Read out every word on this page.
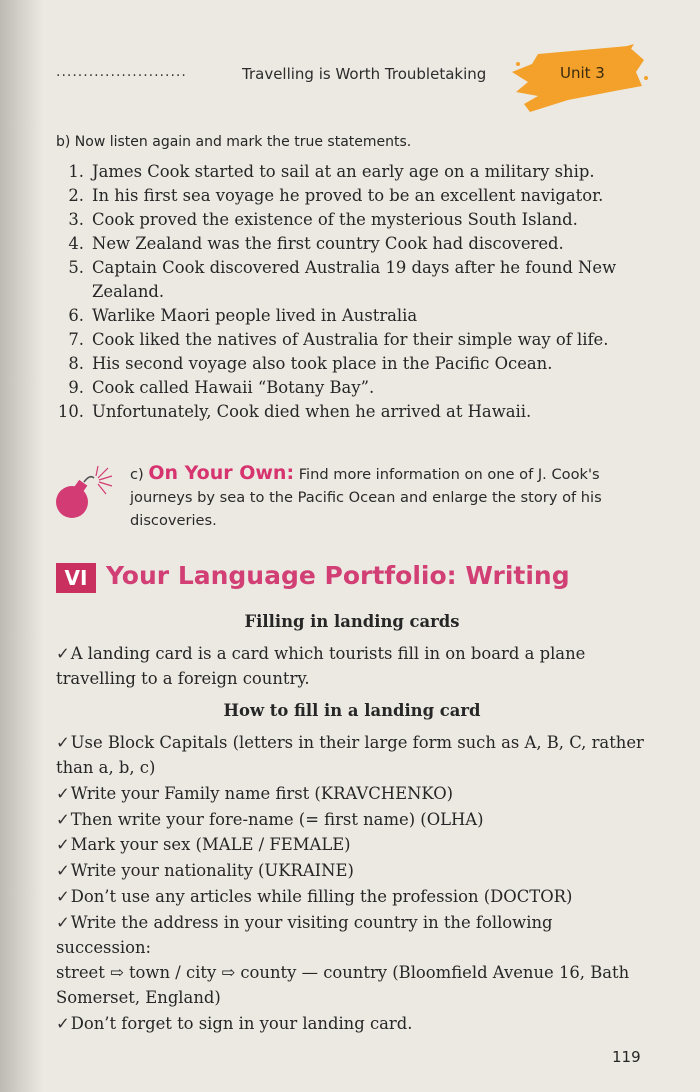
........................	Travelling is Worth Troubletaking	Unit 3
b) Now listen again and mark the true statements.
1. James Cook started to sail at an early age on a military ship.
2. In his first sea voyage he proved to be an excellent navigator.
3. Cook proved the existence of the mysterious South Island.
4. New Zealand was the first country Cook had discovered.
5. Captain Cook discovered Australia 19 days after he found New Zealand.
6. Warlike Maori people lived in Australia
7. Cook liked the natives of Australia for their simple way of life.
8. His second voyage also took place in the Pacific Ocean.
9. Cook called Hawaii “Botany Bay”.
10. Unfortunately, Cook died when he arrived at Hawaii.
c) On Your Own: Find more information on one of J. Cook's journeys by sea to the Pacific Ocean and enlarge the story of his discoveries.
VI Your Language Portfolio: Writing
Filling in landing cards
✓A landing card is a card which tourists fill in on board a plane travelling to a foreign country.
How to fill in a landing card
✓Use Block Capitals (letters in their large form such as A, B, C, rather than a, b, c)
✓Write your Family name first (KRAVCHENKO)
✓Then write your fore-name (= first name) (OLHA)
✓Mark your sex (MALE / FEMALE)
✓Write your nationality (UKRAINE)
✓Don’t use any articles while filling the profession (DOCTOR)
✓Write the address in your visiting country in the following succession:
street ⇨ town / city ⇨ county — country (Bloomfield Avenue 16, Bath Somerset, England)
✓Don’t forget to sign in your landing card.
119
